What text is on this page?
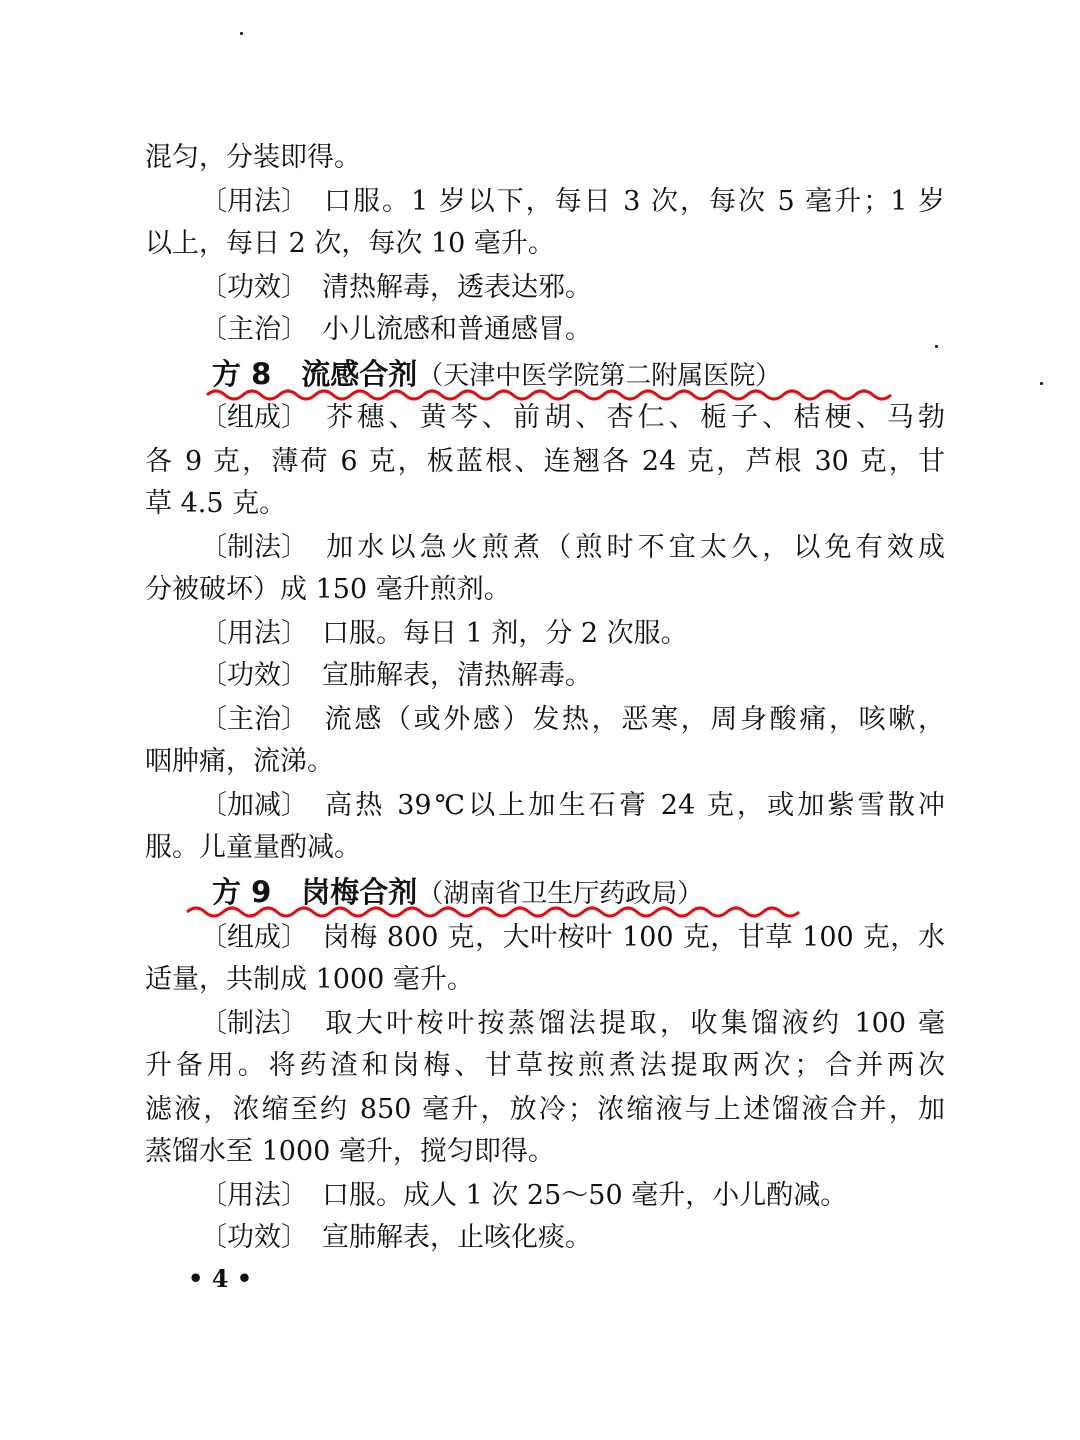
混匀，分装即得。
〔用法〕 口服。1 岁以下，每日 3 次，每次 5 毫升；1 岁
以上，每日 2 次，每次 10 毫升。
〔功效〕 清热解毒，透表达邪。
〔主治〕 小儿流感和普通感冒。
方 8 流感合剂（天津中医学院第二附属医院）
〔组成〕 芥穗、黄芩、前胡、杏仁、栀子、桔梗、马勃
各 9 克，薄荷 6 克，板蓝根、连翘各 24 克，芦根 30 克，甘
草 4.5 克。
〔制法〕 加水以急火煎煮（煎时不宜太久，以免有效成
分被破坏）成 150 毫升煎剂。
〔用法〕 口服。每日 1 剂，分 2 次服。
〔功效〕 宣肺解表，清热解毒。
〔主治〕 流感（或外感）发热，恶寒，周身酸痛，咳嗽，
咽肿痛，流涕。
〔加减〕 高热 39℃以上加生石膏 24 克，或加紫雪散冲
服。儿童量酌减。
方 9 岗梅合剂（湖南省卫生厅药政局）
〔组成〕 岗梅 800 克，大叶桉叶 100 克，甘草 100 克，水
适量，共制成 1000 毫升。
〔制法〕 取大叶桉叶按蒸馏法提取，收集馏液约 100 毫
升备用。将药渣和岗梅、甘草按煎煮法提取两次；合并两次
滤液，浓缩至约 850 毫升，放冷；浓缩液与上述馏液合并，加
蒸馏水至 1000 毫升，搅匀即得。
〔用法〕 口服。成人 1 次 25～50 毫升，小儿酌减。
〔功效〕 宣肺解表，止咳化痰。
• 4 •
